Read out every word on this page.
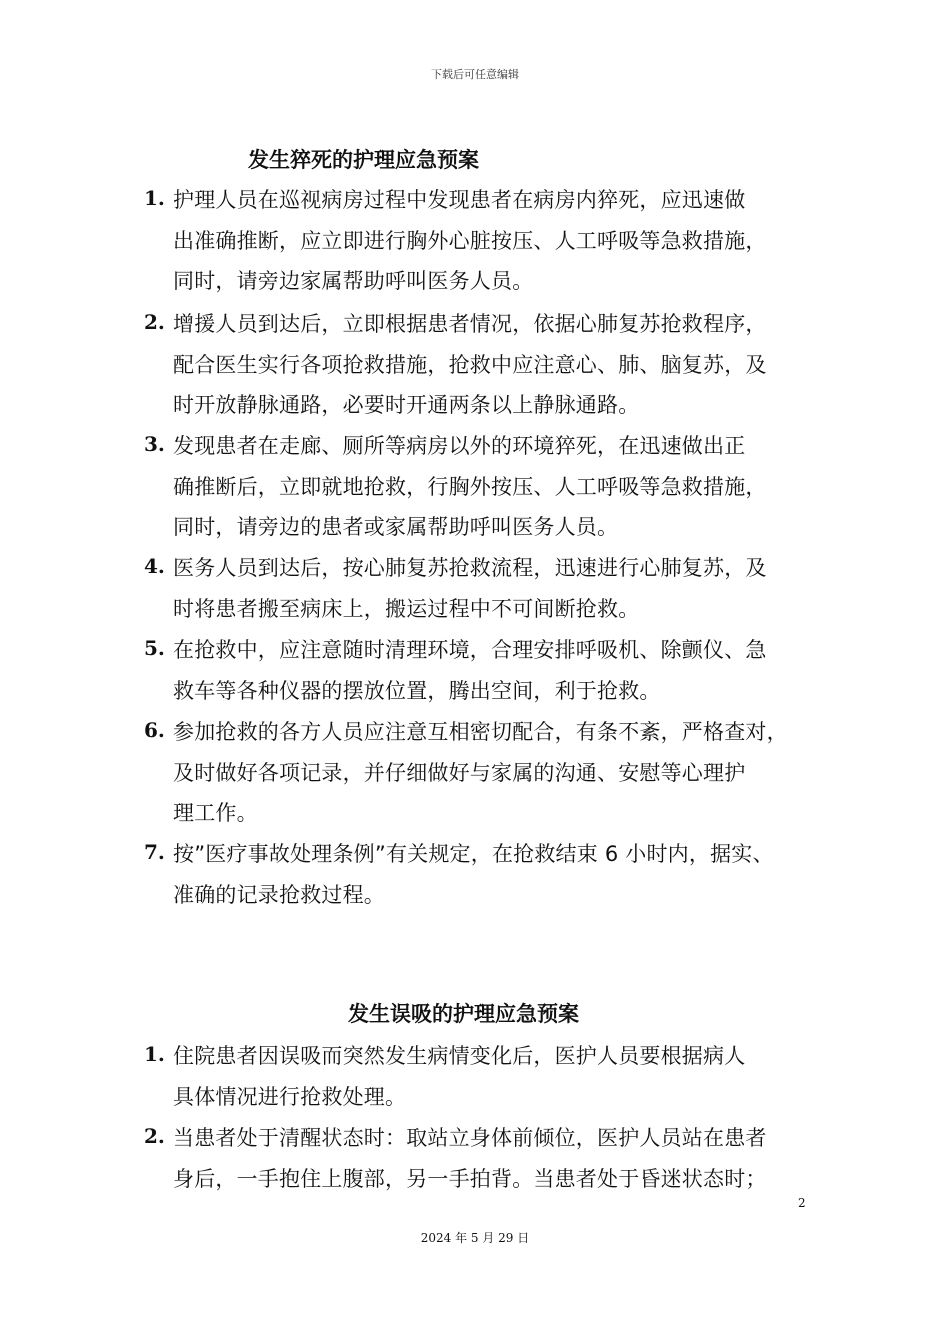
下载后可任意编辑
发生猝死的护理应急预案
1. 护理人员在巡视病房过程中发现患者在病房内猝死，应迅速做
出准确推断，应立即进行胸外心脏按压、人工呼吸等急救措施，
同时，请旁边家属帮助呼叫医务人员。
2. 增援人员到达后，立即根据患者情况，依据心肺复苏抢救程序，
配合医生实行各项抢救措施，抢救中应注意心、肺、脑复苏，及
时开放静脉通路，必要时开通两条以上静脉通路。
3. 发现患者在走廊、厕所等病房以外的环境猝死，在迅速做出正
确推断后，立即就地抢救，行胸外按压、人工呼吸等急救措施，
同时，请旁边的患者或家属帮助呼叫医务人员。
4. 医务人员到达后，按心肺复苏抢救流程，迅速进行心肺复苏，及
时将患者搬至病床上，搬运过程中不可间断抢救。
5. 在抢救中，应注意随时清理环境，合理安排呼吸机、除颤仪、急
救车等各种仪器的摆放位置，腾出空间，利于抢救。
6. 参加抢救的各方人员应注意互相密切配合，有条不紊，严格查对，
及时做好各项记录，并仔细做好与家属的沟通、安慰等心理护
理工作。
7. 按”医疗事故处理条例”有关规定，在抢救结束 6 小时内，据实、
准确的记录抢救过程。
发生误吸的护理应急预案
1. 住院患者因误吸而突然发生病情变化后，医护人员要根据病人
具体情况进行抢救处理。
2. 当患者处于清醒状态时：取站立身体前倾位，医护人员站在患者
身后，一手抱住上腹部，另一手拍背。当患者处于昏迷状态时；
2
2024 年 5 月 29 日
